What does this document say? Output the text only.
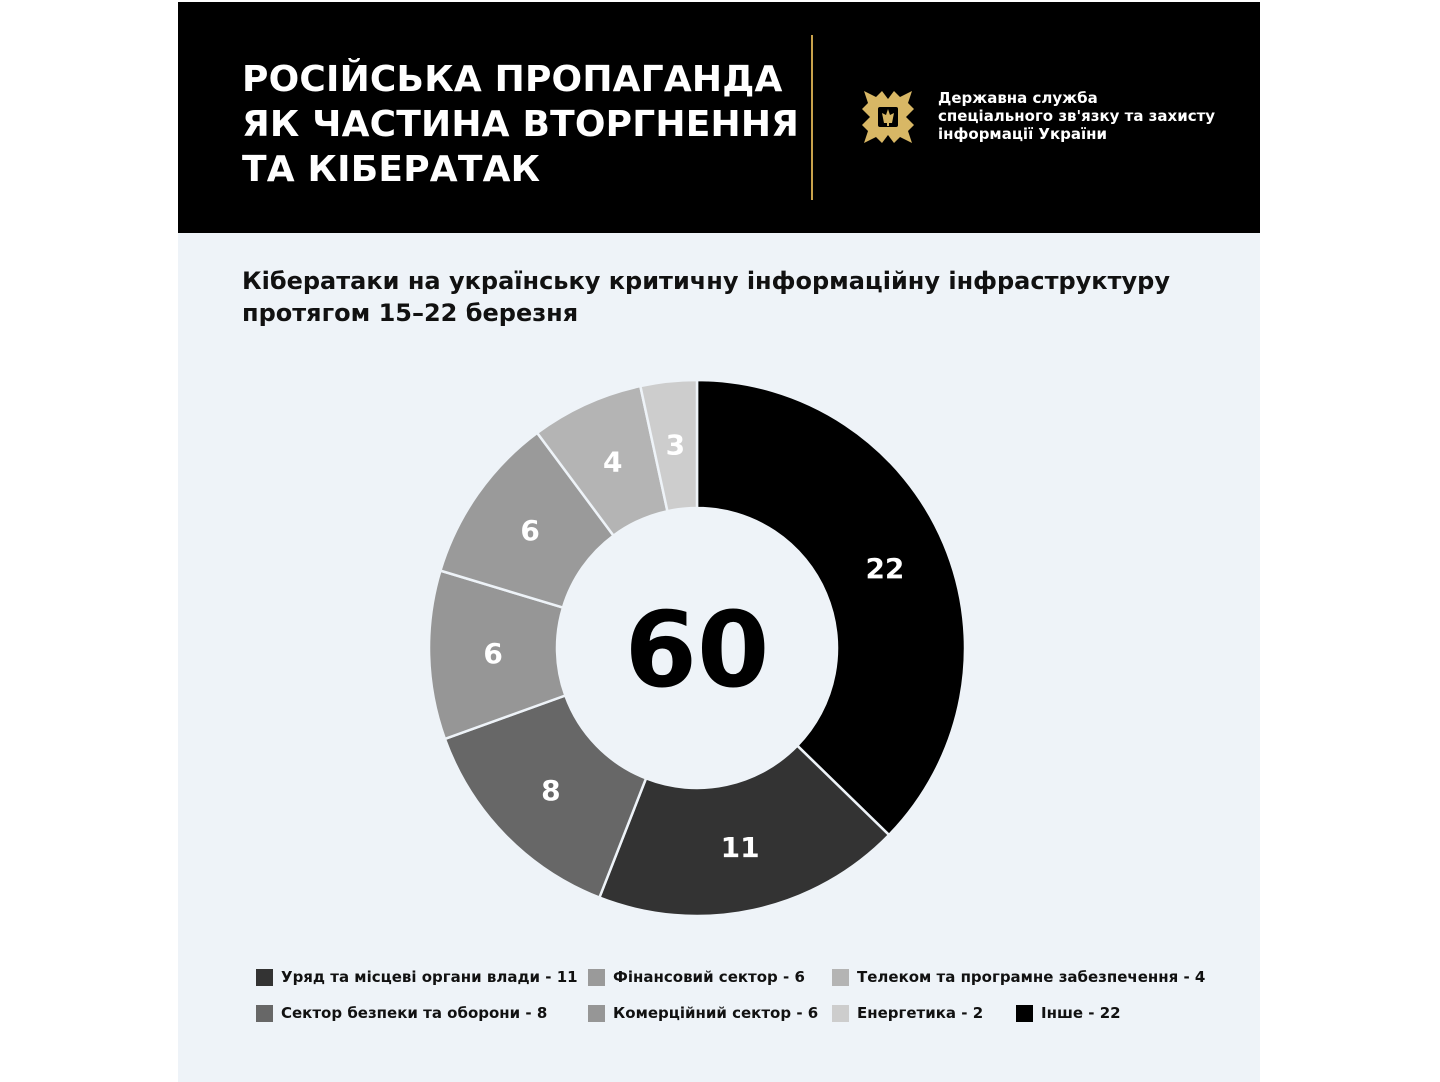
РОСІЙСЬКА ПРОПАГАНДА
ЯК ЧАСТИНА ВТОРГНЕННЯ
ТА КІБЕРАТАК
Державна служба
спеціального зв'язку та захисту
інформації України
Кібератаки на українську критичну інформаційну інфраструктуру
протягом 15–22 березня
22
11
8
6
6
4
3
60
Уряд та місцеві органи влади - 11 Фінансовий сектор - 6	Телеком та програмне забезпечення - 4
Сектор безпеки та оборони - 8	Комерційний сектор - 6	Енергетика - 2	Інше - 22
